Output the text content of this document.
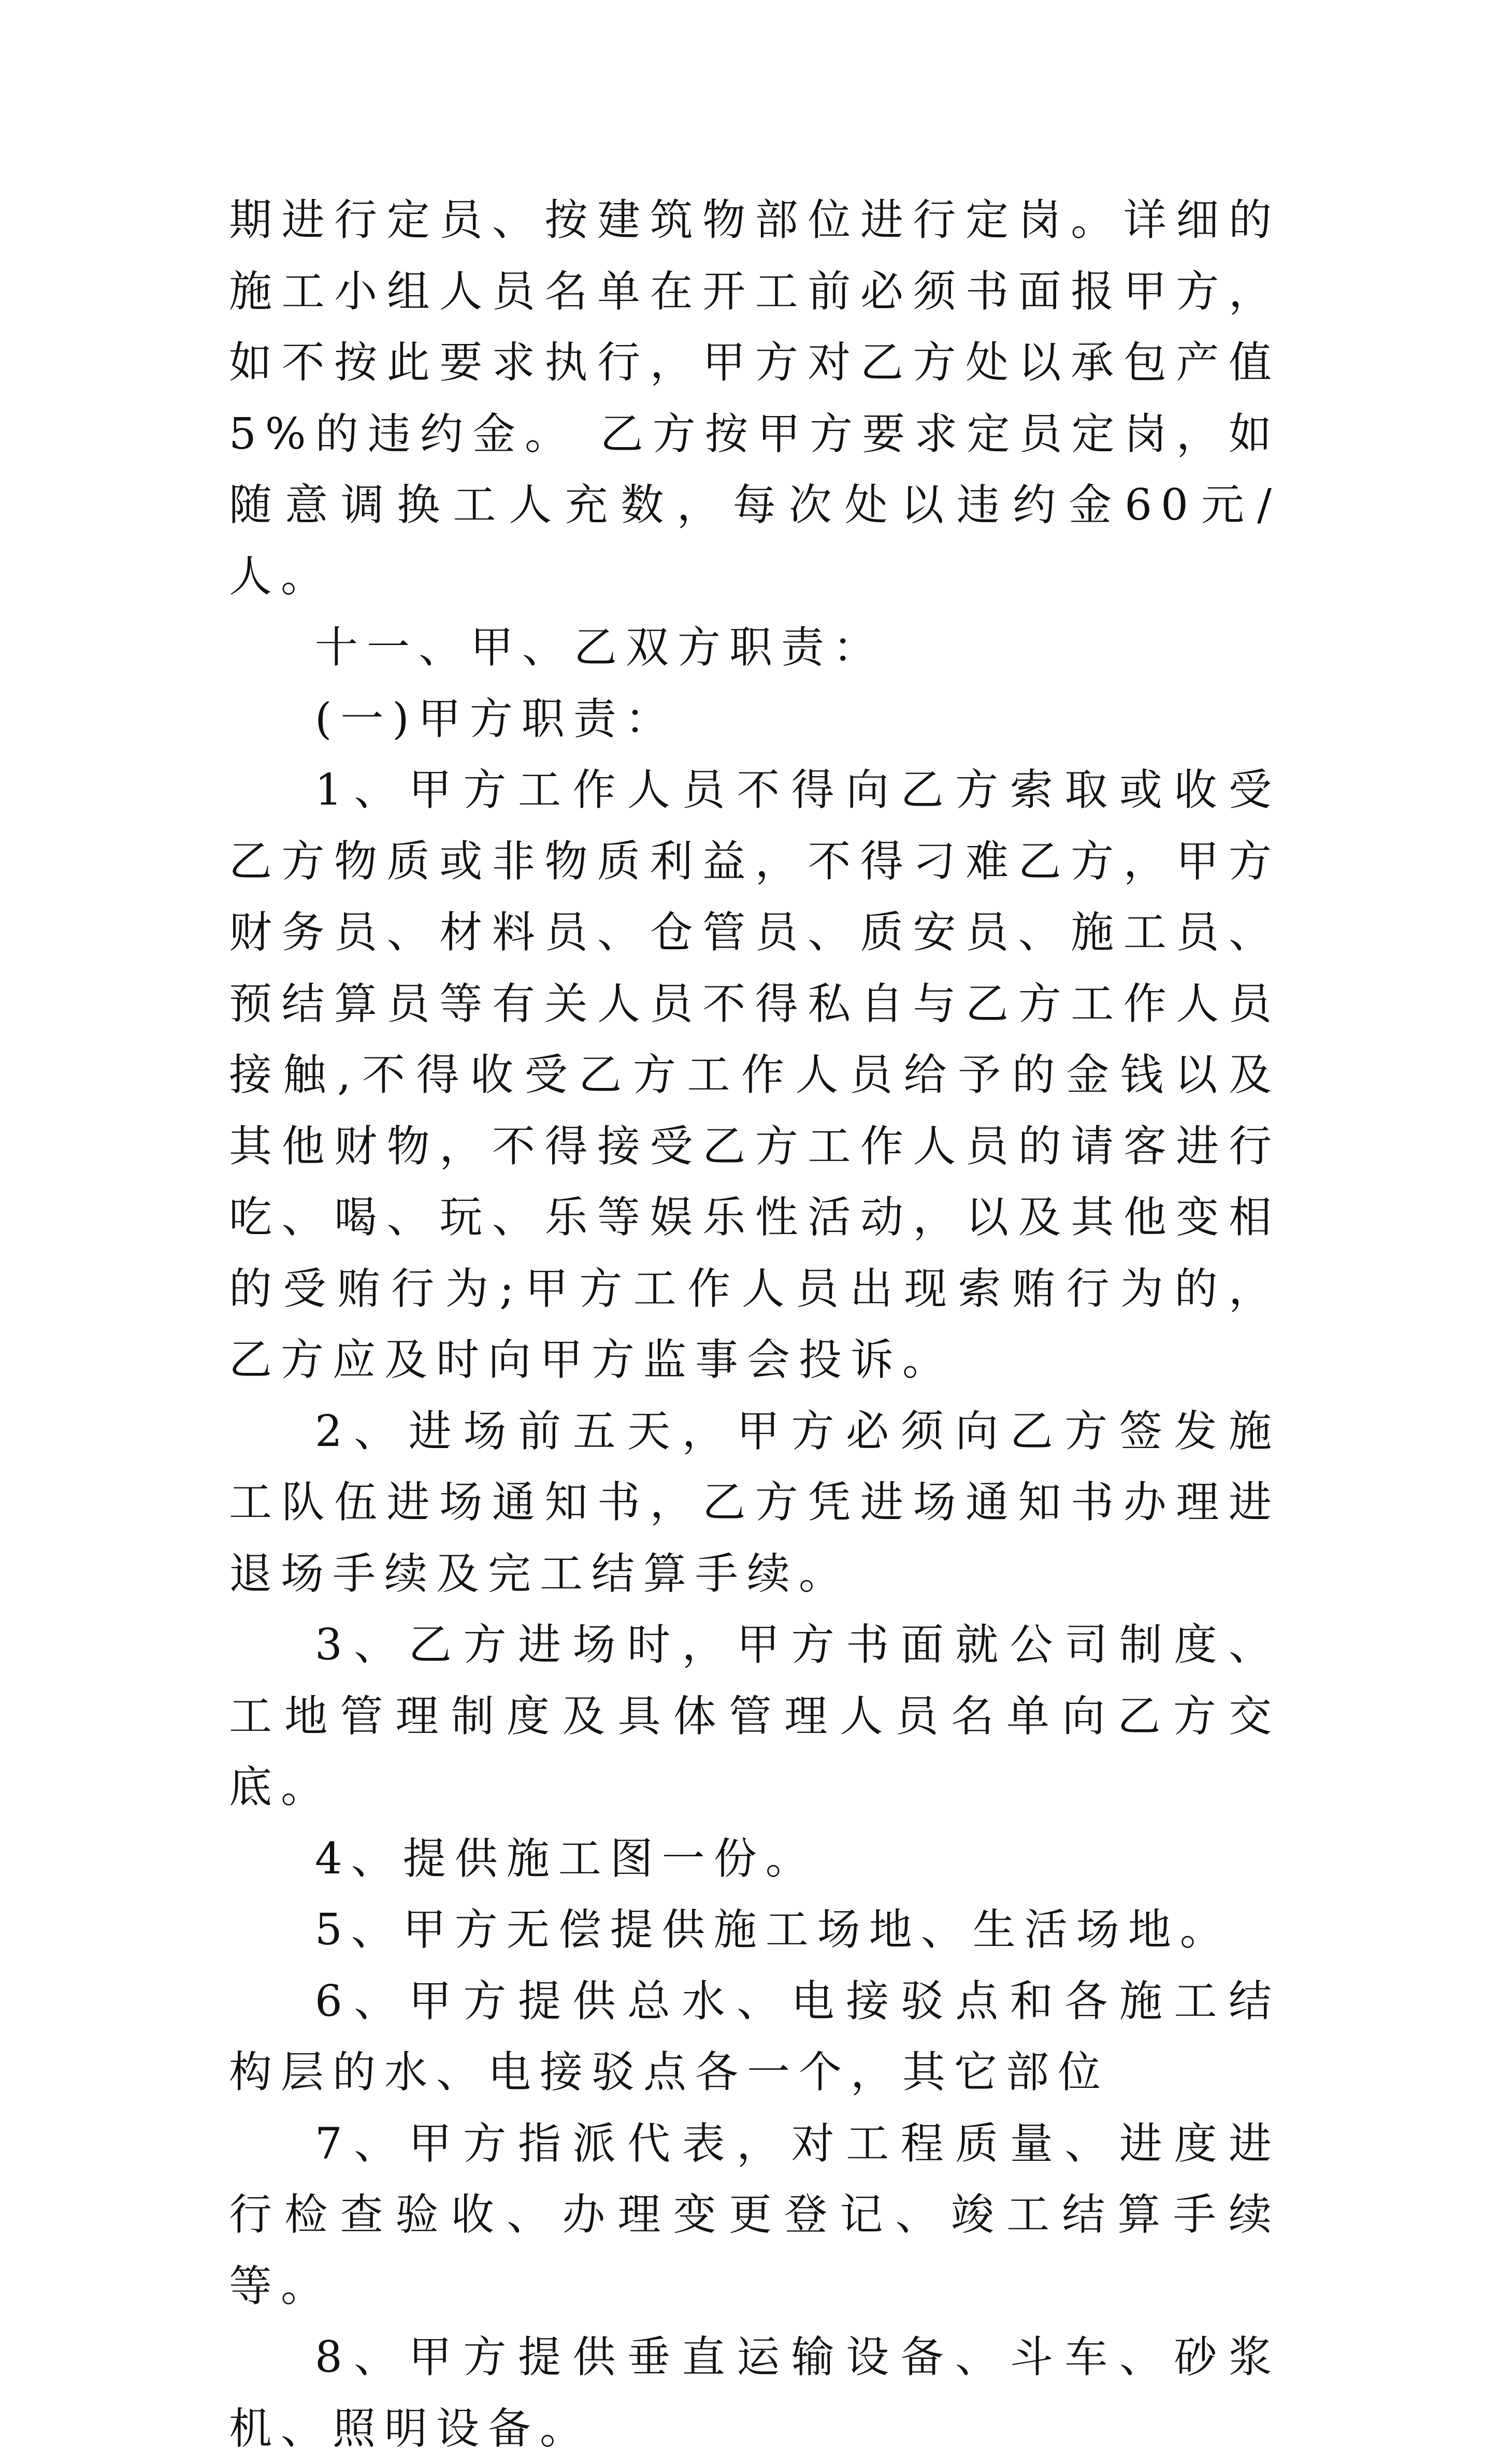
期进行定员、按建筑物部位进行定岗。详细的施工小组人员名单在开工前必须书面报甲方，如不按此要求执行，甲方对乙方处以承包产值5%的违约金。 乙方按甲方要求定员定岗，如随意调换工人充数，每次处以违约金60元/人。

十一、甲、乙双方职责：

(一)甲方职责：

1、甲方工作人员不得向乙方索取或收受乙方物质或非物质利益，不得刁难乙方，甲方财务员、材料员、仓管员、质安员、施工员、预结算员等有关人员不得私自与乙方工作人员接触,不得收受乙方工作人员给予的金钱以及其他财物，不得接受乙方工作人员的请客进行吃、喝、玩、乐等娱乐性活动，以及其他变相的受贿行为;甲方工作人员出现索贿行为的，乙方应及时向甲方监事会投诉。

2、进场前五天，甲方必须向乙方签发施工队伍进场通知书，乙方凭进场通知书办理进退场手续及完工结算手续。

3、乙方进场时，甲方书面就公司制度、工地管理制度及具体管理人员名单向乙方交底。

4、提供施工图一份。

5、甲方无偿提供施工场地、生活场地。

6、甲方提供总水、电接驳点和各施工结构层的水、电接驳点各一个，其它部位

7、甲方指派代表，对工程质量、进度进行检查验收、办理变更登记、竣工结算手续等。

8、甲方提供垂直运输设备、斗车、砂浆机、照明设备。
